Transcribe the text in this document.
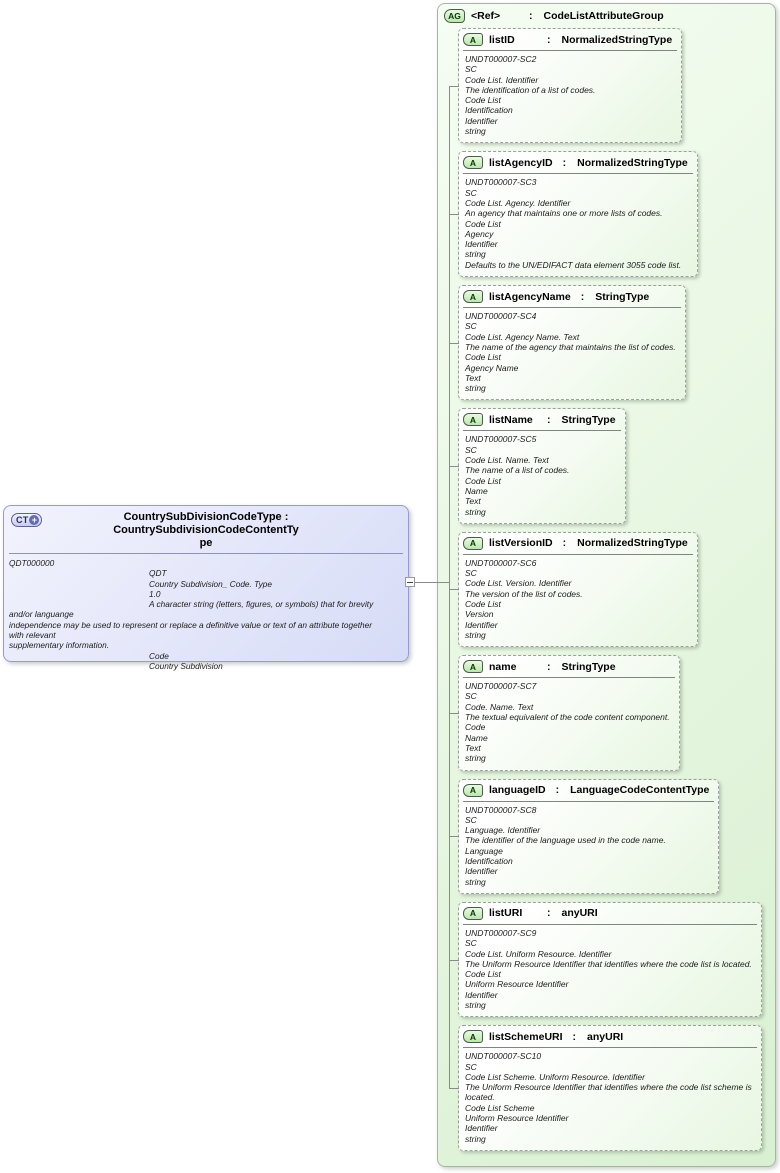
CT +	CountrySubDivisionCodeType : CountrySubdivisionCodeContentTy
pe
QDT000000
QDT
Country Subdivision_ Code. Type
1.0
A character string (letters, figures, or symbols) that for brevity
and/or languange
independence may be used to represent or replace a definitive value or text of an attribute together
with relevant
supplementary information.
Code
Country Subdivision
AG <Ref>	: CodeListAttributeGroup
A	listID	: NormalizedStringType
UNDT000007-SC2
SC
Code List. Identifier
The identification of a list of codes.
Code List
Identification
Identifier
string
A	listAgencyID : NormalizedStringType
UNDT000007-SC3
SC
Code List. Agency. Identifier
An agency that maintains one or more lists of codes.
Code List
Agency
Identifier
string
Defaults to the UN/EDIFACT data element 3055 code list.
A	listAgencyName : StringType
UNDT000007-SC4
SC
Code List. Agency Name. Text
The name of the agency that maintains the list of codes.
Code List
Agency Name
Text
string
A	listName	: StringType
UNDT000007-SC5
SC
Code List. Name. Text
The name of a list of codes.
Code List
Name
Text
string
A	listVersionID : NormalizedStringType
UNDT000007-SC6
SC
Code List. Version. Identifier
The version of the list of codes.
Code List
Version
Identifier
string
A	name	: StringType
UNDT000007-SC7
SC
Code. Name. Text
The textual equivalent of the code content component.
Code
Name
Text
string
A	languageID : LanguageCodeContentType
UNDT000007-SC8
SC
Language. Identifier
The identifier of the language used in the code name.
Language
Identification
Identifier
string
A	listURI	: anyURI
UNDT000007-SC9
SC
Code List. Uniform Resource. Identifier
The Uniform Resource Identifier that identifies where the code list is located.
Code List
Uniform Resource Identifier
Identifier
string
A	listSchemeURI : anyURI
UNDT000007-SC10
SC
Code List Scheme. Uniform Resource. Identifier
The Uniform Resource Identifier that identifies where the code list scheme is located.
Code List Scheme
Uniform Resource Identifier
Identifier
string
